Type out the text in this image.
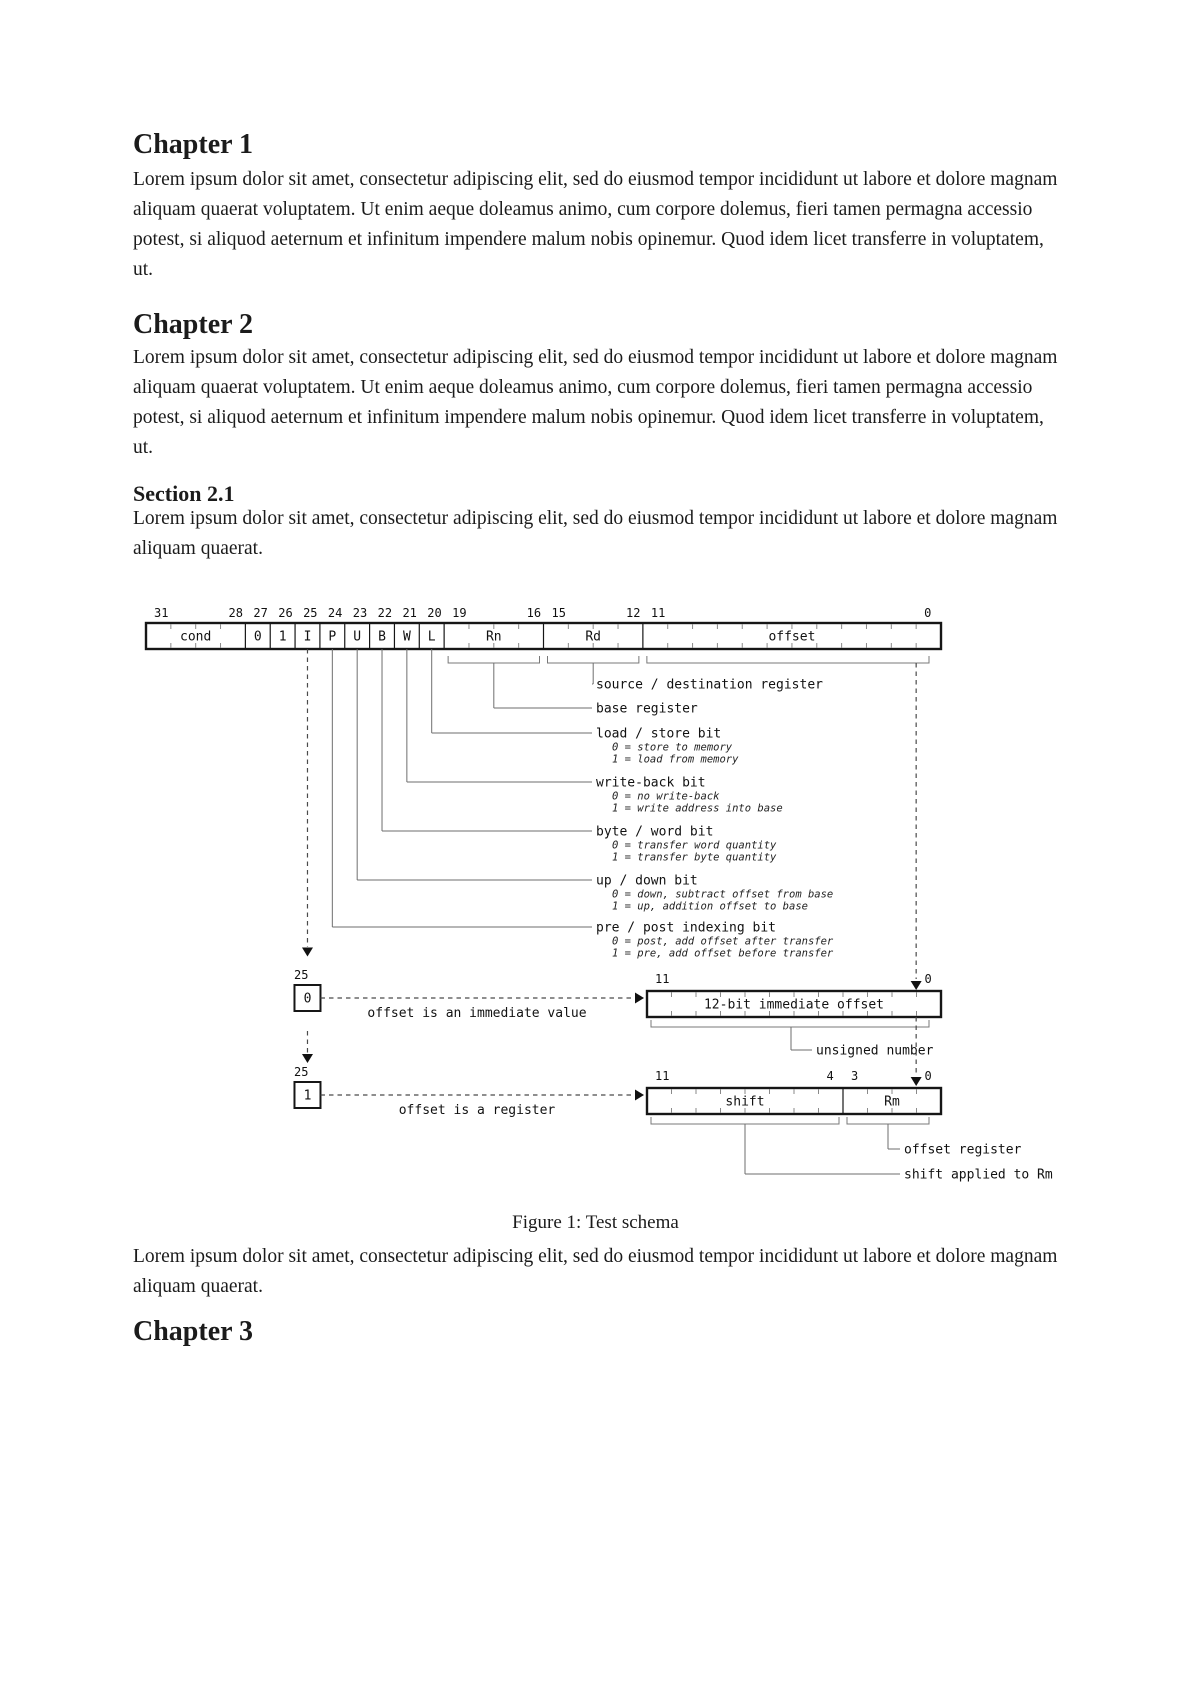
Chapter 1

Lorem ipsum dolor sit amet, consectetur adipiscing elit, sed do eiusmod tempor incididunt ut labore et dolore magnam aliquam quaerat voluptatem. Ut enim aeque doleamus animo, cum corpore dolemus, fieri tamen permagna accessio potest, si aliquod aeternum et infinitum impendere malum nobis opinemur. Quod idem licet transferre in voluptatem, ut.

Chapter 2

Lorem ipsum dolor sit amet, consectetur adipiscing elit, sed do eiusmod tempor incididunt ut labore et dolore magnam aliquam quaerat voluptatem. Ut enim aeque doleamus animo, cum corpore dolemus, fieri tamen permagna accessio potest, si aliquod aeternum et infinitum impendere malum nobis opinemur. Quod idem licet transferre in voluptatem, ut.

Section 2.1

Lorem ipsum dolor sit amet, consectetur adipiscing elit, sed do eiusmod tempor incididunt ut labore et dolore magnam aliquam quaerat.

cond	0 1 I P U B W L	Rn	Rd	offset
31	28 27 26 25 24 23 22 21 20 19	16 15	12 11	0
source / destination register
base register
load / store bit
0 = store to memory
1 = load from memory
write-back bit
0 = no write-back
1 = write address into base
byte / word bit
0 = transfer word quantity
1 = transfer byte quantity
up / down bit
0 = down, subtract offset from base
1 = up, addition offset to base
pre / post indexing bit
0 = post, add offset after transfer
1 = pre, add offset before transfer
25
0
offset is an immediate value
12-bit immediate offset
11	0
unsigned number
25
1
offset is a register
shift	Rm
11	4 3	0
offset register
shift applied to Rm
Figure 1: Test schema

Lorem ipsum dolor sit amet, consectetur adipiscing elit, sed do eiusmod tempor incididunt ut labore et dolore magnam aliquam quaerat.

Chapter 3
